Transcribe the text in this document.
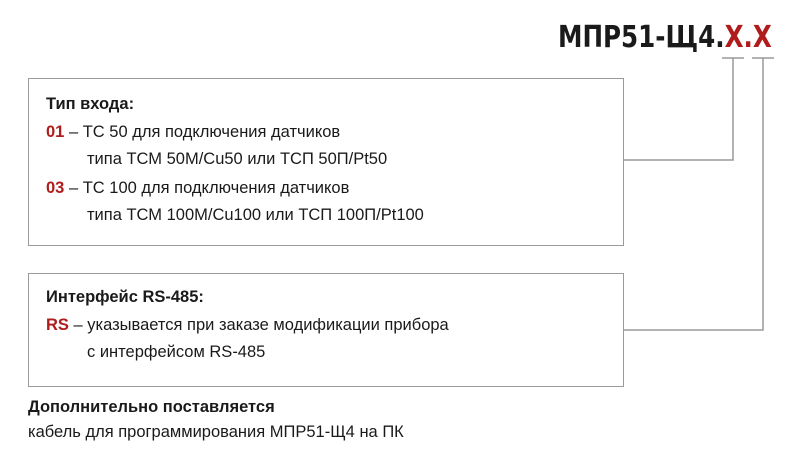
МПР51-Щ4.Х.Х
Тип входа:
01 – ТС 50 для подключения датчиков
типа ТСМ 50М/Cu50 или ТСП 50П/Pt50
03 – ТС 100 для подключения датчиков
типа ТСМ 100М/Cu100 или ТСП 100П/Pt100
Интерфейс RS-485:
RS – указывается при заказе модификации прибора
с интерфейсом RS-485
Дополнительно поставляется
кабель для программирования МПР51-Щ4 на ПК
